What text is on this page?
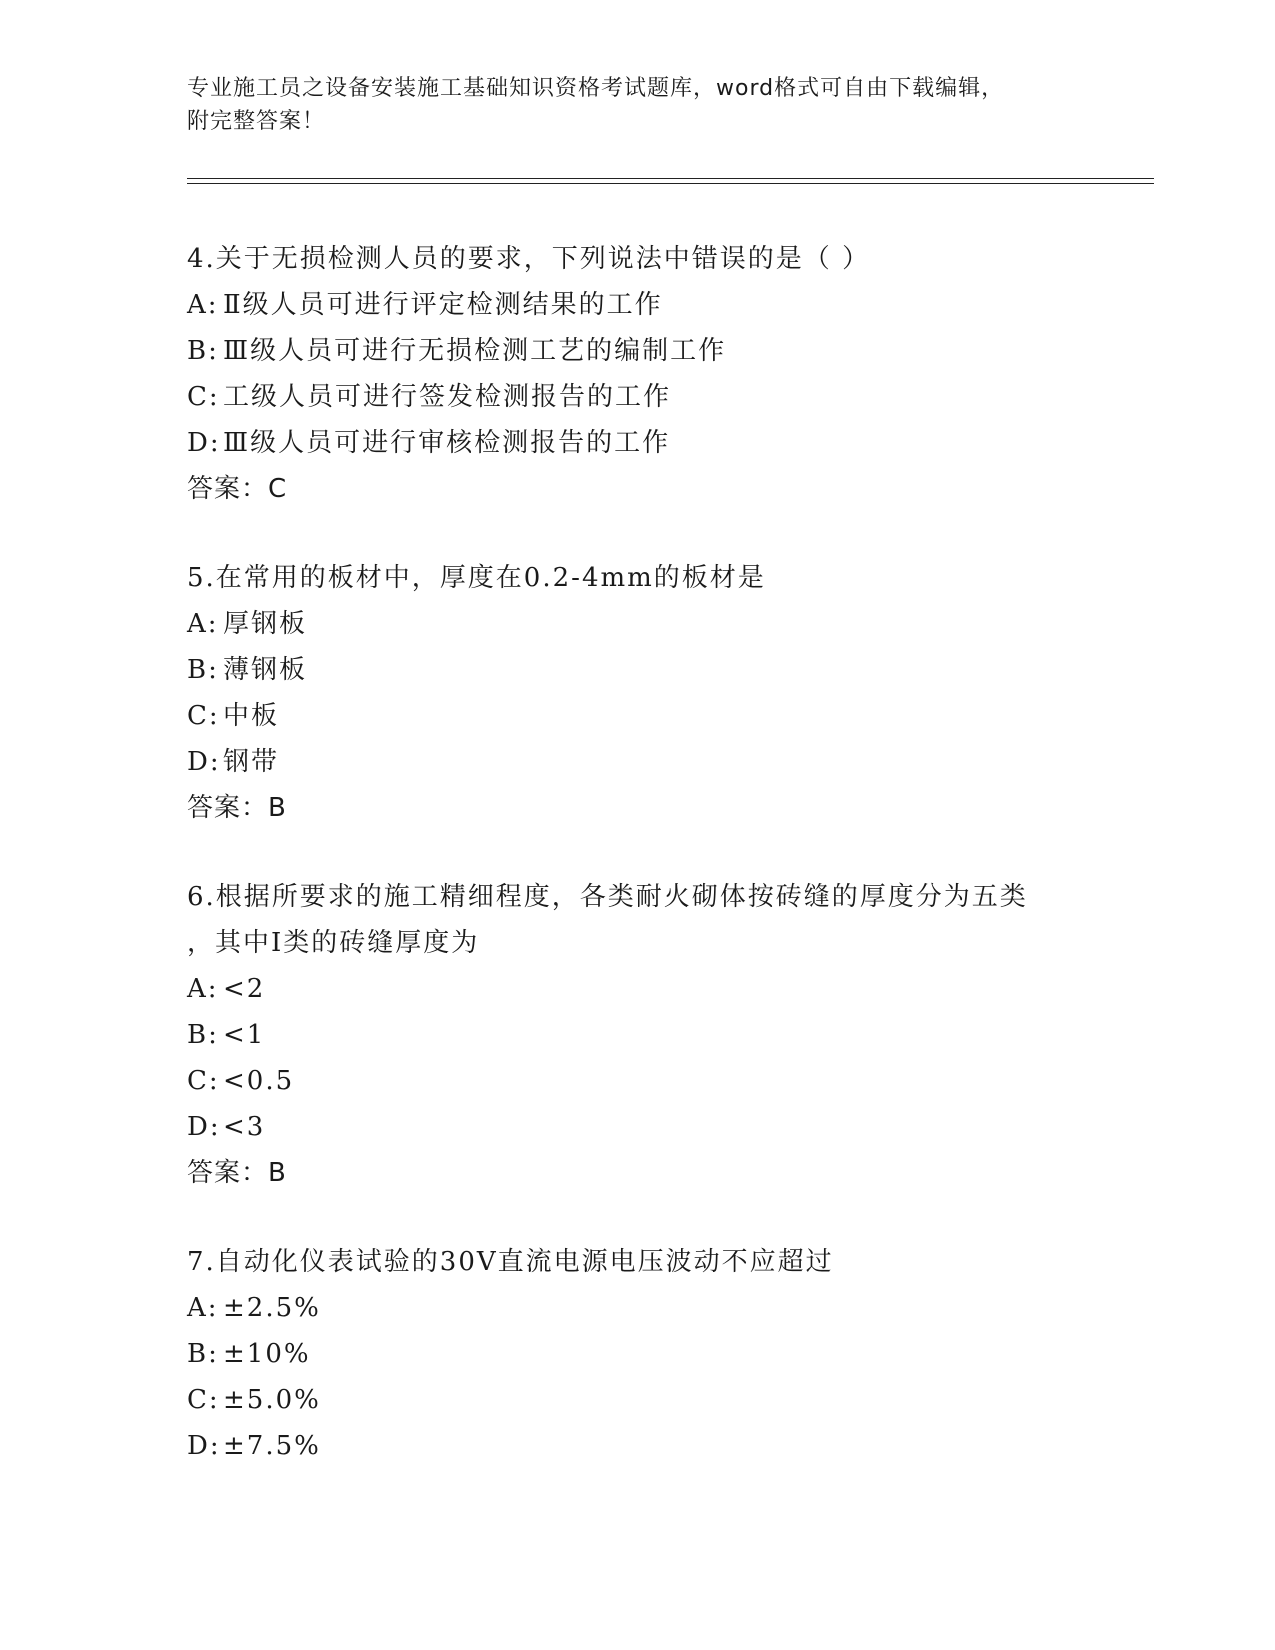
专业施工员之设备安装施工基础知识资格考试题库，word格式可自由下载编辑，
附完整答案！
4.关于无损检测人员的要求，下列说法中错误的是（ ）
A: Ⅱ级人员可进行评定检测结果的工作
B: Ⅲ级人员可进行无损检测工艺的编制工作
C: 工级人员可进行签发检测报告的工作
D:Ⅲ级人员可进行审核检测报告的工作
答案：C
5.在常用的板材中，厚度在0.2-4mm的板材是
A: 厚钢板
B: 薄钢板
C: 中板
D:钢带
答案：B
6.根据所要求的施工精细程度，各类耐火砌体按砖缝的厚度分为五类
，其中Ⅰ类的砖缝厚度为
A: <2
B: <1
C: <0.5
D:<3
答案：B
7.自动化仪表试验的30V直流电源电压波动不应超过
A: ±2.5%
B: ±10%
C: ±5.0%
D:±7.5%
